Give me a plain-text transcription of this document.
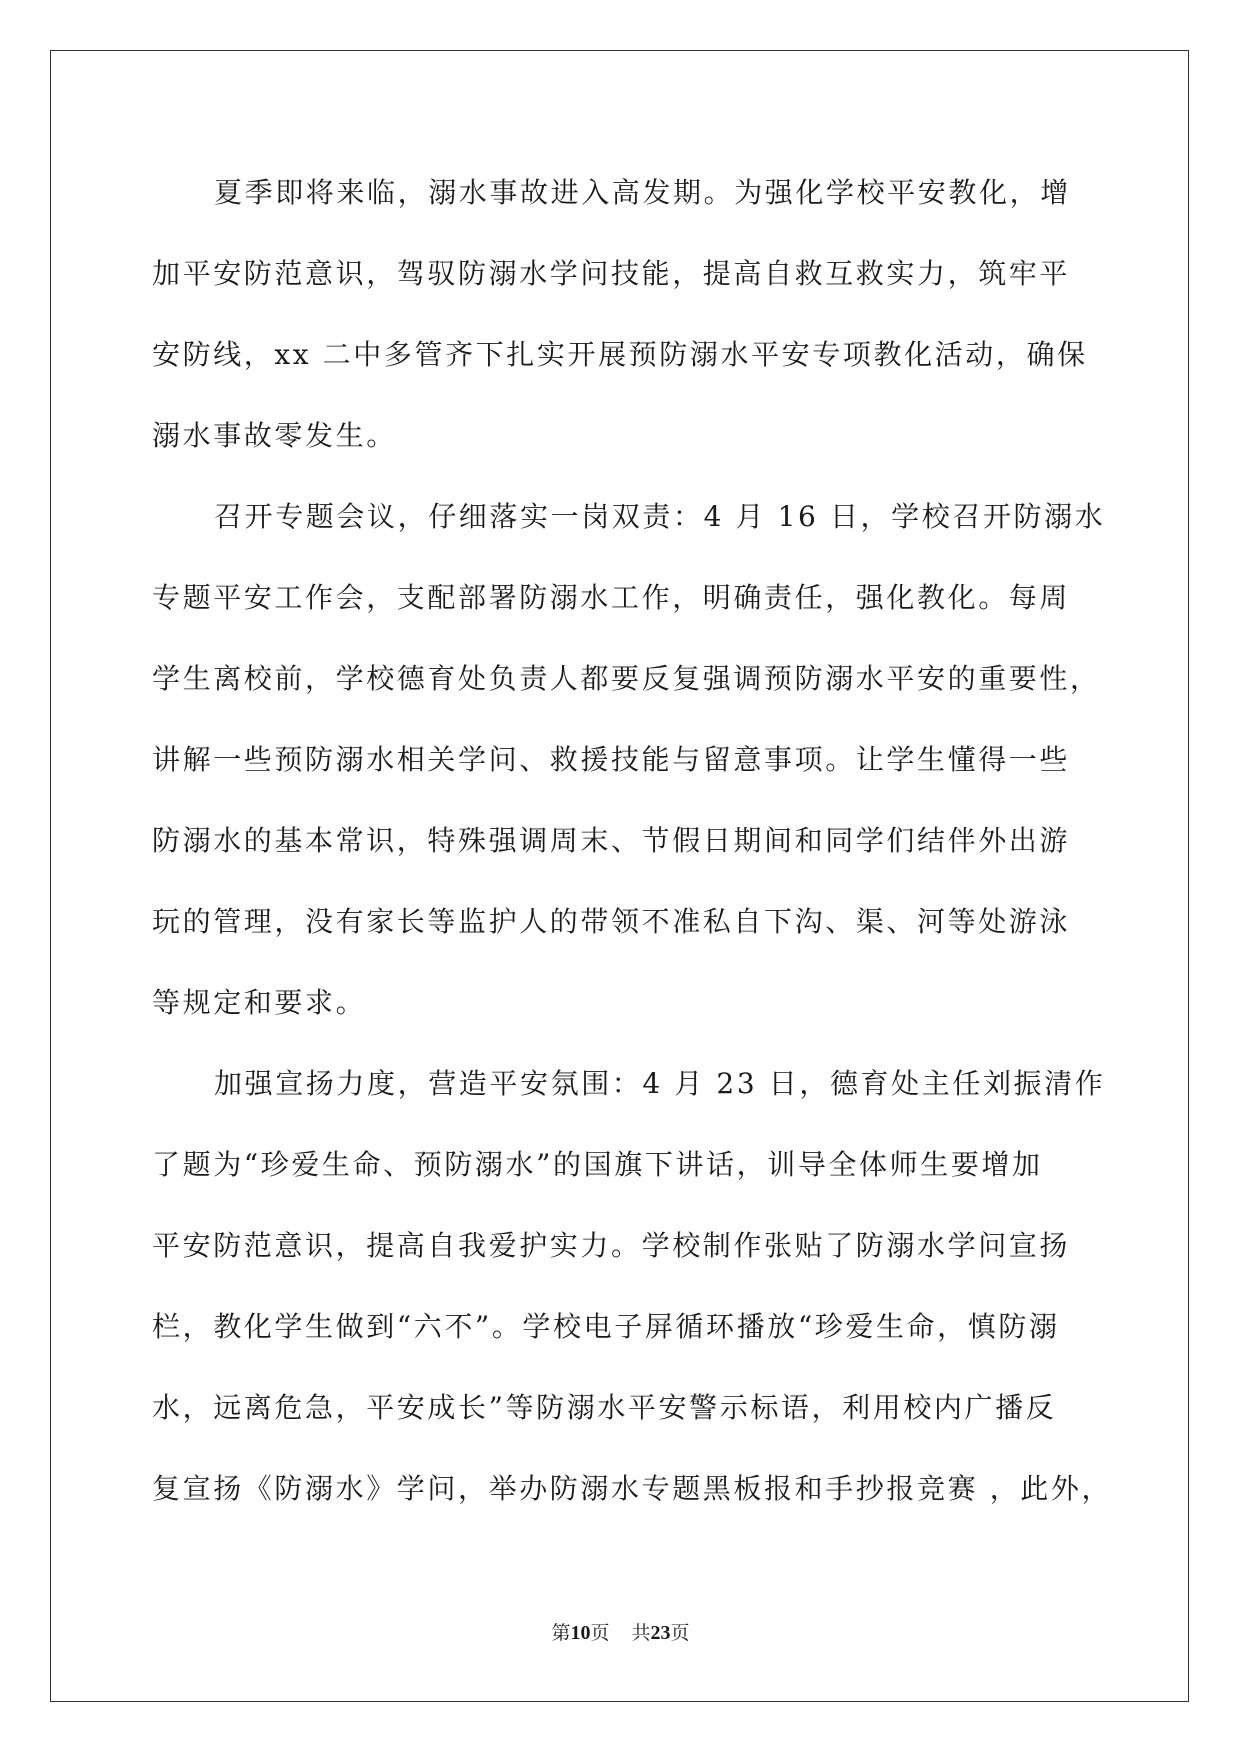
夏季即将来临，溺水事故进入高发期。为强化学校平安教化，增
加平安防范意识，驾驭防溺水学问技能，提高自救互救实力，筑牢平
安防线，xx 二中多管齐下扎实开展预防溺水平安专项教化活动，确保
溺水事故零发生。
召开专题会议，仔细落实一岗双责：4 月 16 日，学校召开防溺水
专题平安工作会，支配部署防溺水工作，明确责任，强化教化。每周
学生离校前，学校德育处负责人都要反复强调预防溺水平安的重要性，
讲解一些预防溺水相关学问、救援技能与留意事项。让学生懂得一些
防溺水的基本常识，特殊强调周末、节假日期间和同学们结伴外出游
玩的管理，没有家长等监护人的带领不准私自下沟、渠、河等处游泳
等规定和要求。
加强宣扬力度，营造平安氛围：4 月 23 日，德育处主任刘振清作
了题为“珍爱生命、预防溺水”的国旗下讲话，训导全体师生要增加
平安防范意识，提高自我爱护实力。学校制作张贴了防溺水学问宣扬
栏，教化学生做到“六不”。学校电子屏循环播放“珍爱生命，慎防溺
水，远离危急，平安成长”等防溺水平安警示标语，利用校内广播反
复宣扬《防溺水》学问，举办防溺水专题黑板报和手抄报竞赛 ，此外，
第10页 共23页
